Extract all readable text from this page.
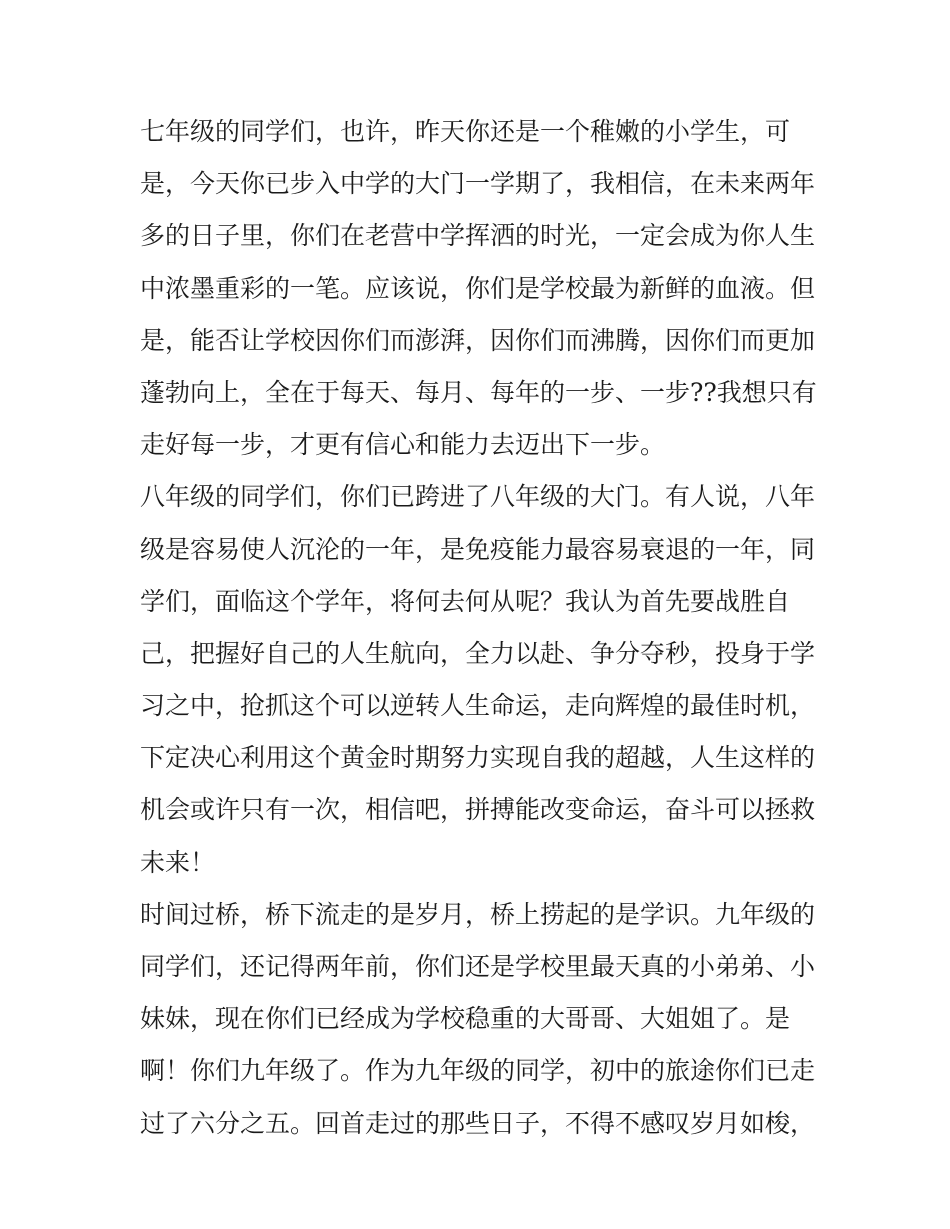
七年级的同学们，也许，昨天你还是一个稚嫩的小学生，可
是，今天你已步入中学的大门一学期了，我相信，在未来两年
多的日子里，你们在老营中学挥洒的时光，一定会成为你人生
中浓墨重彩的一笔。应该说，你们是学校最为新鲜的血液。但
是，能否让学校因你们而澎湃，因你们而沸腾，因你们而更加
蓬勃向上，全在于每天、每月、每年的一步、一步??我想只有
走好每一步，才更有信心和能力去迈出下一步。
八年级的同学们，你们已跨进了八年级的大门。有人说，八年
级是容易使人沉沦的一年，是免疫能力最容易衰退的一年，同
学们，面临这个学年，将何去何从呢？我认为首先要战胜自
己，把握好自己的人生航向，全力以赴、争分夺秒，投身于学
习之中，抢抓这个可以逆转人生命运，走向辉煌的最佳时机，
下定决心利用这个黄金时期努力实现自我的超越，人生这样的
机会或许只有一次，相信吧，拼搏能改变命运，奋斗可以拯救
未来！
时间过桥，桥下流走的是岁月，桥上捞起的是学识。九年级的
同学们，还记得两年前，你们还是学校里最天真的小弟弟、小
妹妹，现在你们已经成为学校稳重的大哥哥、大姐姐了。是
啊！你们九年级了。作为九年级的同学，初中的旅途你们已走
过了六分之五。回首走过的那些日子，不得不感叹岁月如梭，
